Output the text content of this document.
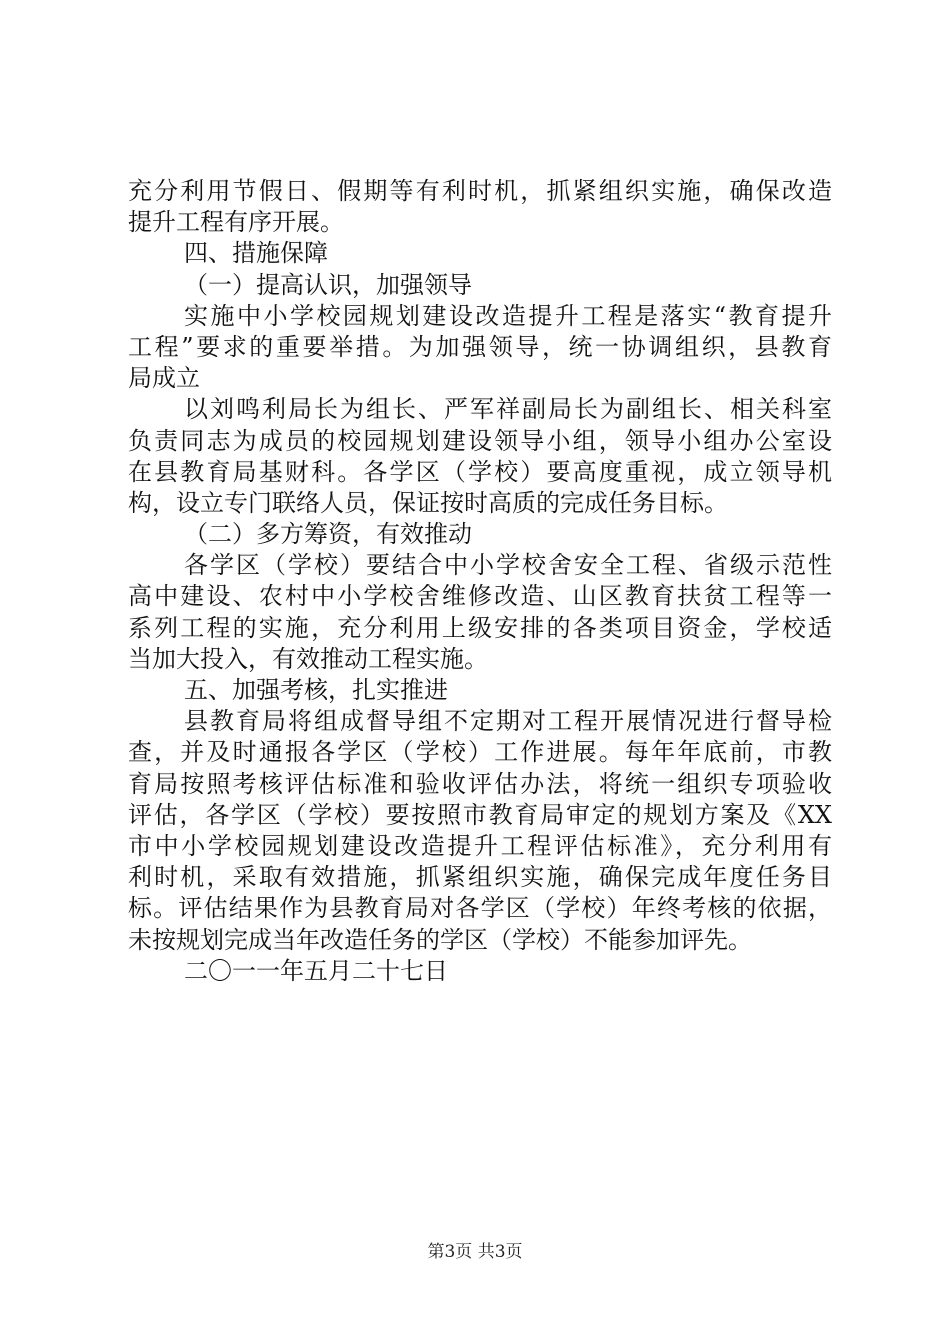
充分利用节假日、假期等有利时机，抓紧组织实施，确保改造
提升工程有序开展。
四、措施保障
（一）提高认识，加强领导
实施中小学校园规划建设改造提升工程是落实“教育提升
工程”要求的重要举措。为加强领导，统一协调组织，县教育
局成立
以刘鸣利局长为组长、严军祥副局长为副组长、相关科室
负责同志为成员的校园规划建设领导小组，领导小组办公室设
在县教育局基财科。各学区（学校）要高度重视，成立领导机
构，设立专门联络人员，保证按时高质的完成任务目标。
（二）多方筹资，有效推动
各学区（学校）要结合中小学校舍安全工程、省级示范性
高中建设、农村中小学校舍维修改造、山区教育扶贫工程等一
系列工程的实施，充分利用上级安排的各类项目资金，学校适
当加大投入，有效推动工程实施。
五、加强考核，扎实推进
县教育局将组成督导组不定期对工程开展情况进行督导检
查，并及时通报各学区（学校）工作进展。每年年底前，市教
育局按照考核评估标准和验收评估办法，将统一组织专项验收
评估，各学区（学校）要按照市教育局审定的规划方案及《XX
市中小学校园规划建设改造提升工程评估标准》，充分利用有
利时机，采取有效措施，抓紧组织实施，确保完成年度任务目
标。评估结果作为县教育局对各学区（学校）年终考核的依据，
未按规划完成当年改造任务的学区（学校）不能参加评先。
二〇一一年五月二十七日
第3页 共3页
